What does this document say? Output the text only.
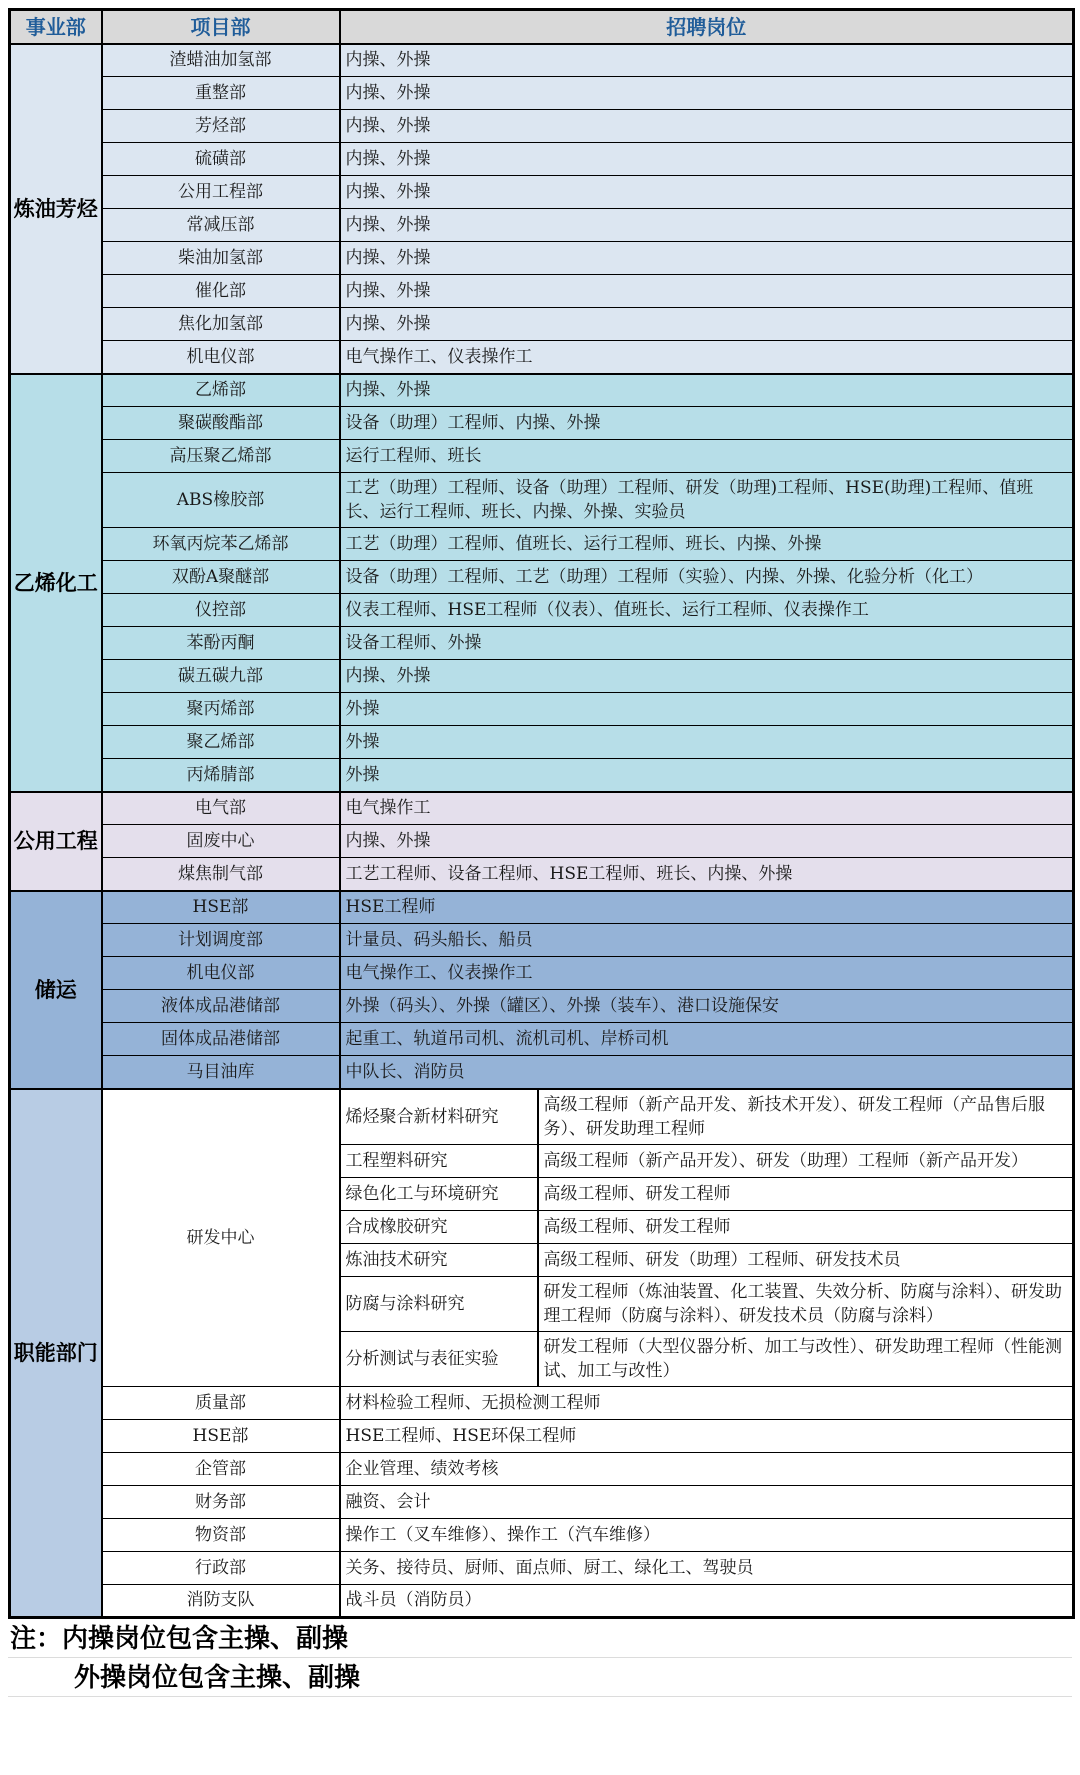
事业部	项目部	招聘岗位	
炼油芳烃	渣蜡油加氢部	内操、外操	
	重整部	内操、外操	
	芳烃部	内操、外操	
	硫磺部	内操、外操	
	公用工程部	内操、外操	
	常减压部	内操、外操	
	柴油加氢部	内操、外操	
	催化部	内操、外操	
	焦化加氢部	内操、外操	
	机电仪部	电气操作工、仪表操作工	
乙烯化工	乙烯部	内操、外操	
	聚碳酸酯部	设备（助理）工程师、内操、外操	
	高压聚乙烯部	运行工程师、班长	
	ABS橡胶部	工艺（助理）工程师、设备（助理）工程师、研发（助理)工程师、HSE(助理)工程师、值班长、运行工程师、班长、内操、外操、实验员	
	环氧丙烷苯乙烯部	工艺（助理）工程师、值班长、运行工程师、班长、内操、外操	
	双酚A聚醚部	设备（助理）工程师、工艺（助理）工程师（实验）、内操、外操、化验分析（化工）	
	仪控部	仪表工程师、HSE工程师（仪表）、值班长、运行工程师、仪表操作工	
	苯酚丙酮	设备工程师、外操	
	碳五碳九部	内操、外操	
	聚丙烯部	外操	
	聚乙烯部	外操	
	丙烯腈部	外操	
公用工程	电气部	电气操作工	
	固废中心	内操、外操	
	煤焦制气部	工艺工程师、设备工程师、HSE工程师、班长、内操、外操	
储运	HSE部	HSE工程师	
	计划调度部	计量员、码头船长、船员	
	机电仪部	电气操作工、仪表操作工	
	液体成品港储部	外操（码头）、外操（罐区）、外操（装车）、港口设施保安	
	固体成品港储部	起重工、轨道吊司机、流机司机、岸桥司机	
	马目油库	中队长、消防员	
职能部门	研发中心	烯烃聚合新材料研究	高级工程师（新产品开发、新技术开发）、研发工程师（产品售后服务）、研发助理工程师
		工程塑料研究	高级工程师（新产品开发）、研发（助理）工程师（新产品开发）
		绿色化工与环境研究	高级工程师、研发工程师
		合成橡胶研究	高级工程师、研发工程师
		炼油技术研究	高级工程师、研发（助理）工程师、研发技术员
		防腐与涂料研究	研发工程师（炼油装置、化工装置、失效分析、防腐与涂料）、研发助理工程师（防腐与涂料）、研发技术员（防腐与涂料）
		分析测试与表征实验	研发工程师（大型仪器分析、加工与改性）、研发助理工程师（性能测试、加工与改性）
	质量部	材料检验工程师、无损检测工程师	
	HSE部	HSE工程师、HSE环保工程师	
	企管部	企业管理、绩效考核	
	财务部	融资、会计	
	物资部	操作工（叉车维修）、操作工（汽车维修）	
	行政部	关务、接待员、厨师、面点师、厨工、绿化工、驾驶员	
	消防支队	战斗员（消防员）	
注：内操岗位包含主操、副操
外操岗位包含主操、副操
